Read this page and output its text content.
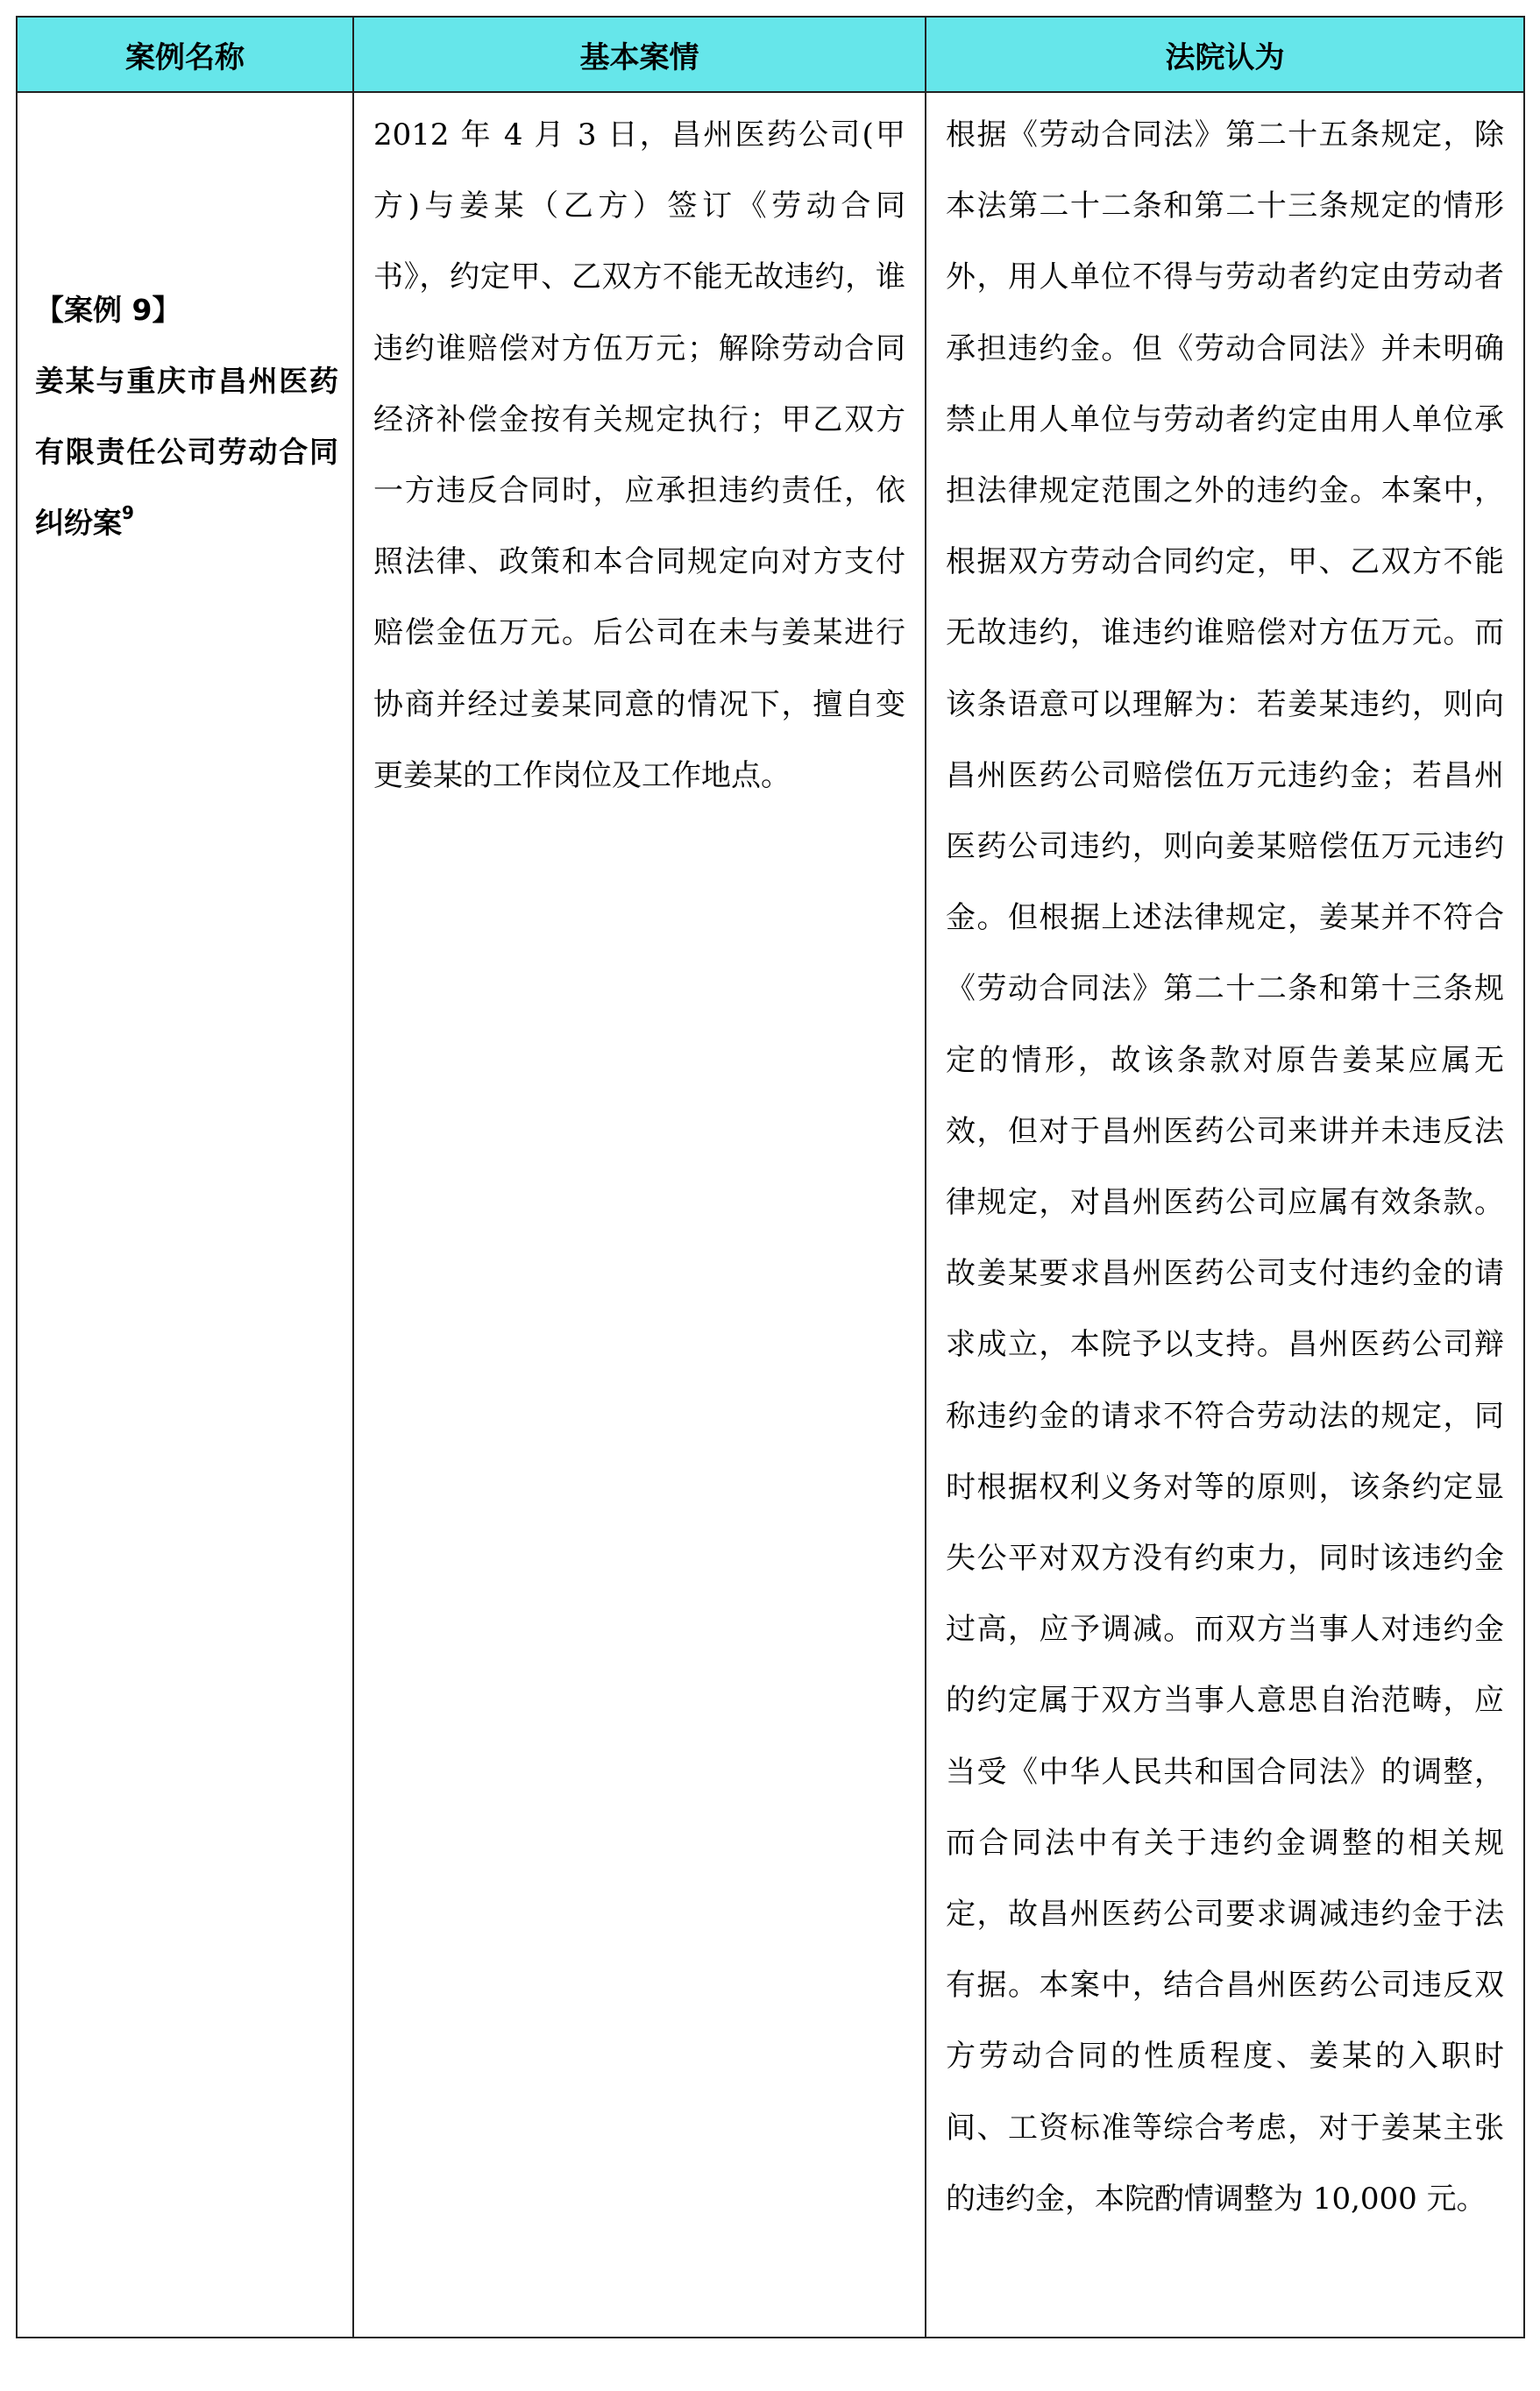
案例名称	基本案情	法院认为

【案例 9】
姜某与重庆市昌州医药有限责任公司劳动合同纠纷案$^9$	2012 年 4 月 3 日，昌州医药公司(甲方)与姜某（乙方）签订《劳动合同书》，约定甲、乙双方不能无故违约，谁违约谁赔偿对方伍万元；解除劳动合同经济补偿金按有关规定执行；甲乙双方一方违反合同时，应承担违约责任，依照法律、政策和本合同规定向对方支付赔偿金伍万元。后公司在未与姜某进行协商并经过姜某同意的情况下，擅自变更姜某的工作岗位及工作地点。	根据《劳动合同法》第二十五条规定，除本法第二十二条和第二十三条规定的情形外，用人单位不得与劳动者约定由劳动者承担违约金。但《劳动合同法》并未明确禁止用人单位与劳动者约定由用人单位承担法律规定范围之外的违约金。本案中，根据双方劳动合同约定，甲、乙双方不能无故违约，谁违约谁赔偿对方伍万元。而该条语意可以理解为：若姜某违约，则向昌州医药公司赔偿伍万元违约金；若昌州医药公司违约，则向姜某赔偿伍万元违约金。但根据上述法律规定，姜某并不符合《劳动合同法》第二十二条和第十三条规定的情形，故该条款对原告姜某应属无效，但对于昌州医药公司来讲并未违反法律规定，对昌州医药公司应属有效条款。故姜某要求昌州医药公司支付违约金的请求成立，本院予以支持。昌州医药公司辩称违约金的请求不符合劳动法的规定，同时根据权利义务对等的原则，该条约定显失公平对双方没有约束力，同时该违约金过高，应予调减。而双方当事人对违约金的约定属于双方当事人意思自治范畴，应当受《中华人民共和国合同法》的调整，而合同法中有关于违约金调整的相关规定，故昌州医药公司要求调减违约金于法有据。本案中，结合昌州医药公司违反双方劳动合同的性质程度、姜某的入职时间、工资标准等综合考虑，对于姜某主张的违约金，本院酌情调整为 10,000 元。
